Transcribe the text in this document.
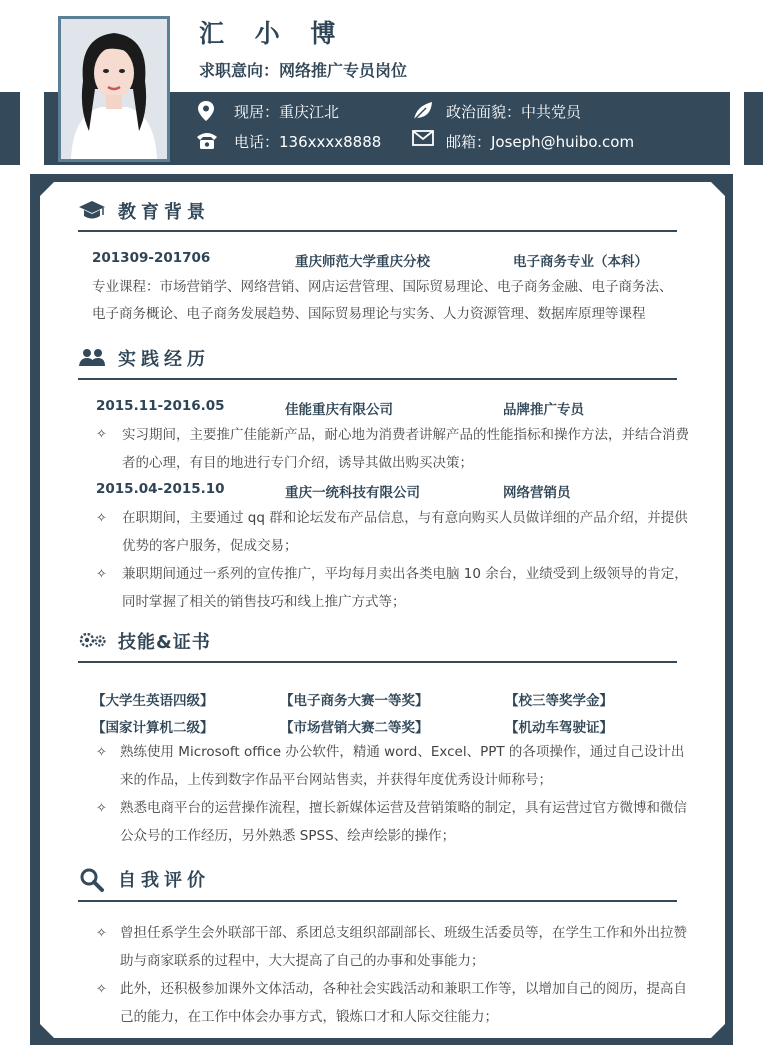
汇 小 博
求职意向：网络推广专员岗位
现居：重庆江北	政治面貌：中共党员
电话：136xxxx8888	邮箱：Joseph@huibo.com
教育背景
201309-201706	重庆师范大学重庆分校	电子商务专业（本科）
专业课程：市场营销学、网络营销、网店运营管理、国际贸易理论、电子商务金融、电子商务法、
电子商务概论、电子商务发展趋势、国际贸易理论与实务、人力资源管理、数据库原理等课程
实践经历
2015.11-2016.05	佳能重庆有限公司	品牌推广专员
✧ 实习期间，主要推广佳能新产品，耐心地为消费者讲解产品的性能指标和操作方法，并结合消费者的心理，有目的地进行专门介绍，诱导其做出购买决策；
2015.04-2015.10	重庆一统科技有限公司	网络营销员
✧ 在职期间，主要通过 qq 群和论坛发布产品信息，与有意向购买人员做详细的产品介绍，并提供优势的客户服务，促成交易；
✧ 兼职期间通过一系列的宣传推广，平均每月卖出各类电脑 10 余台，业绩受到上级领导的肯定，同时掌握了相关的销售技巧和线上推广方式等；
技能&证书
【大学生英语四级】	【电子商务大赛一等奖】	【校三等奖学金】
【国家计算机二级】	【市场营销大赛二等奖】	【机动车驾驶证】
✧ 熟练使用 Microsoft office 办公软件，精通 word、Excel、PPT 的各项操作，通过自己设计出来的作品，上传到数字作品平台网站售卖，并获得年度优秀设计师称号；
✧ 熟悉电商平台的运营操作流程，擅长新媒体运营及营销策略的制定，具有运营过官方微博和微信公众号的工作经历，另外熟悉 SPSS、绘声绘影的操作；
自我评价
✧ 曾担任系学生会外联部干部、系团总支组织部副部长、班级生活委员等，在学生工作和外出拉赞助与商家联系的过程中，大大提高了自己的办事和处事能力；
✧ 此外，还积极参加课外文体活动，各种社会实践活动和兼职工作等，以增加自己的阅历，提高自己的能力，在工作中体会办事方式，锻炼口才和人际交往能力；
